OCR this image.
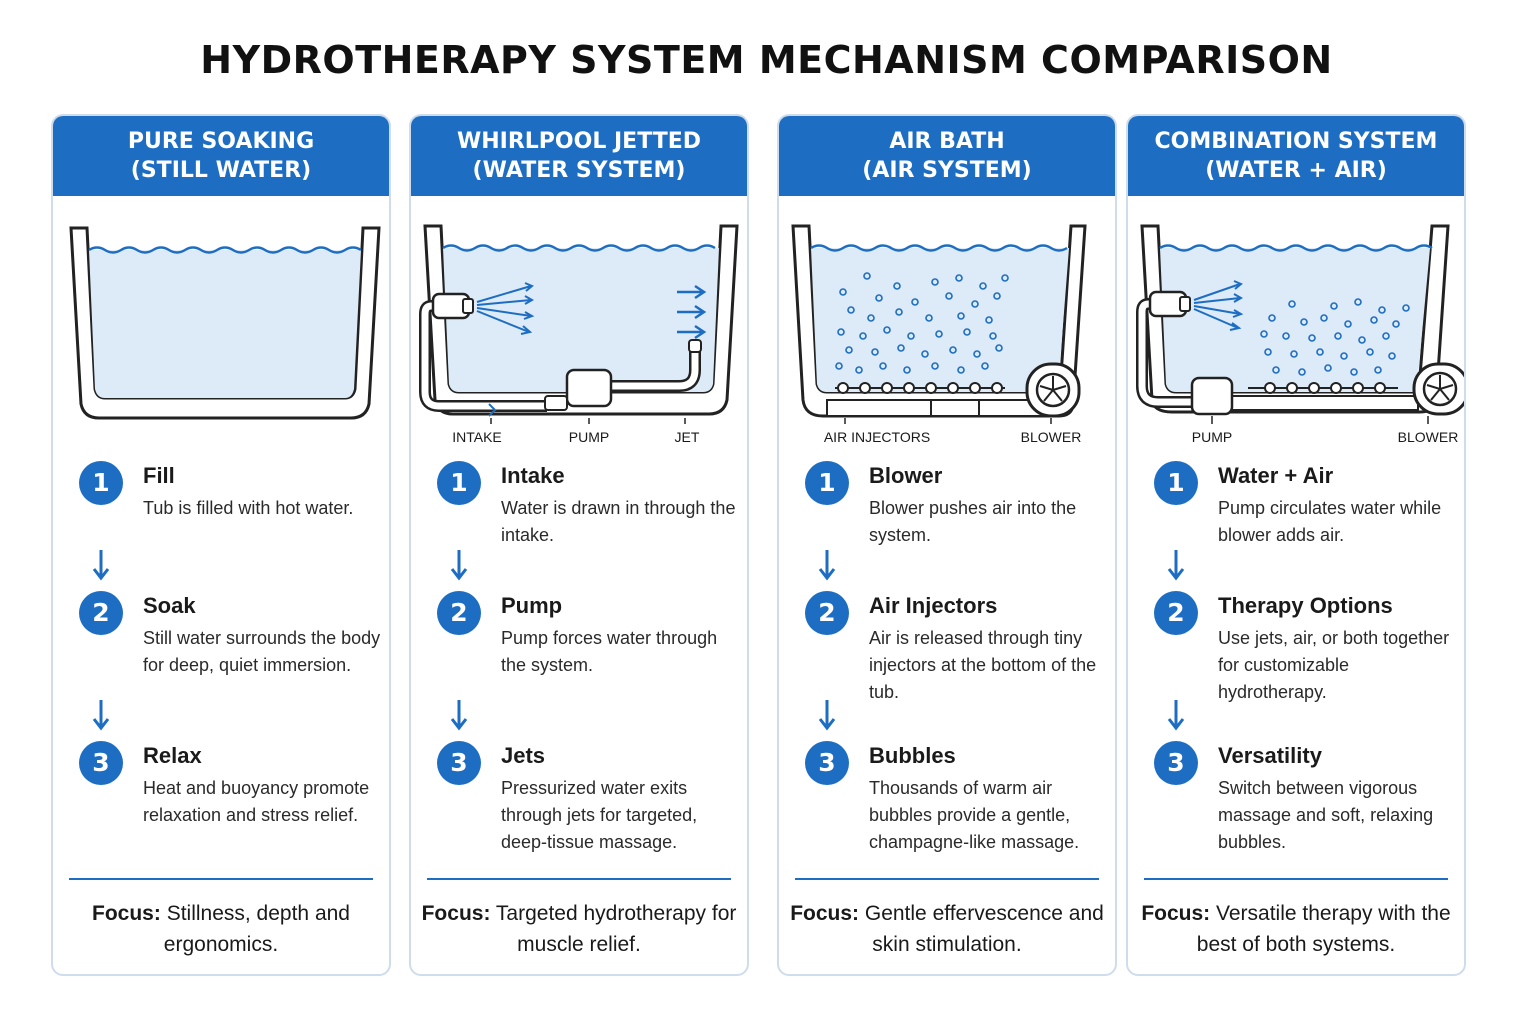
HYDROTHERAPY SYSTEM MECHANISM COMPARISON
PURE SOAKING
(STILL WATER)
1	Fill
Tub is filled with hot water.
2	Soak
Still water surrounds the body for deep, quiet immersion.
3	Relax
Heat and buoyancy promote relaxation and stress relief.
Focus: Stillness, depth and ergonomics.
WHIRLPOOL JETTED
(WATER SYSTEM)
INTAKE	PUMP	JET
1	Intake
Water is drawn in through the intake.
2	Pump
Pump forces water through the system.
3	Jets
Pressurized water exits through jets for targeted, deep-tissue massage.
Focus: Targeted hydrotherapy for muscle relief.
AIR BATH
(AIR SYSTEM)
AIR INJECTORS	BLOWER
1	Blower
Blower pushes air into the system.
2	Air Injectors
Air is released through tiny injectors at the bottom of the tub.
3	Bubbles
Thousands of warm air bubbles provide a gentle, champagne-like massage.
Focus: Gentle effervescence and skin stimulation.
COMBINATION SYSTEM
(WATER + AIR)
PUMP	BLOWER
1	Water + Air
Pump circulates water while blower adds air.
2	Therapy Options
Use jets, air, or both together for customizable hydrotherapy.
3	Versatility
Switch between vigorous massage and soft, relaxing bubbles.
Focus: Versatile therapy with the best of both systems.
